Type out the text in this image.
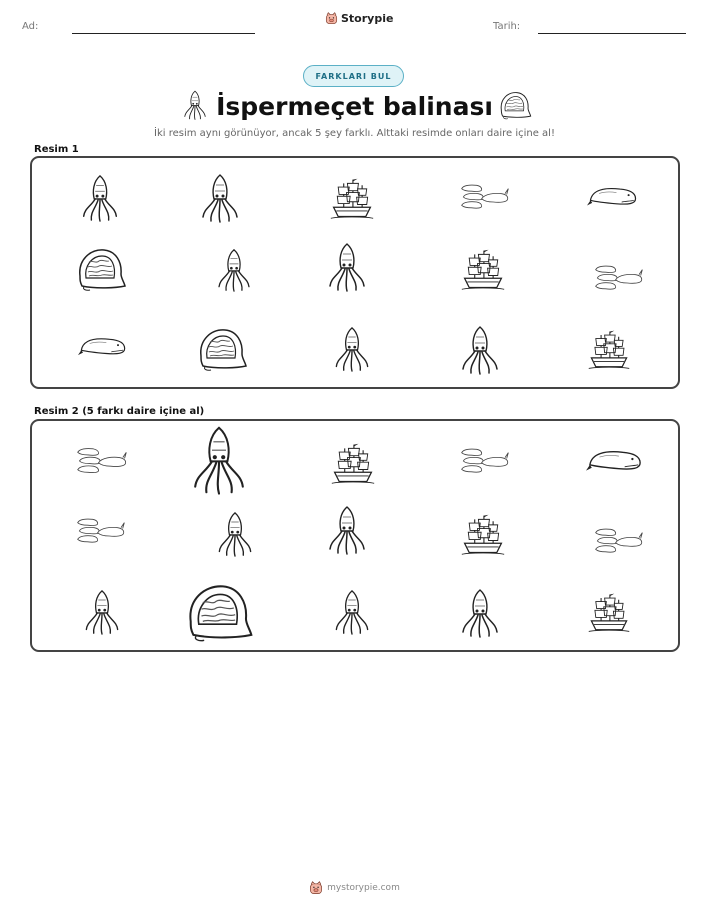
Ad:
Storypie
Tarih:
FARKLARI BUL
İspermeçet balinası
İki resim aynı görünüyor, ancak 5 şey farklı. Alttaki resimde onları daire içine al!
Resim 1
Resim 2 (5 farkı daire içine al)
mystorypie.com
